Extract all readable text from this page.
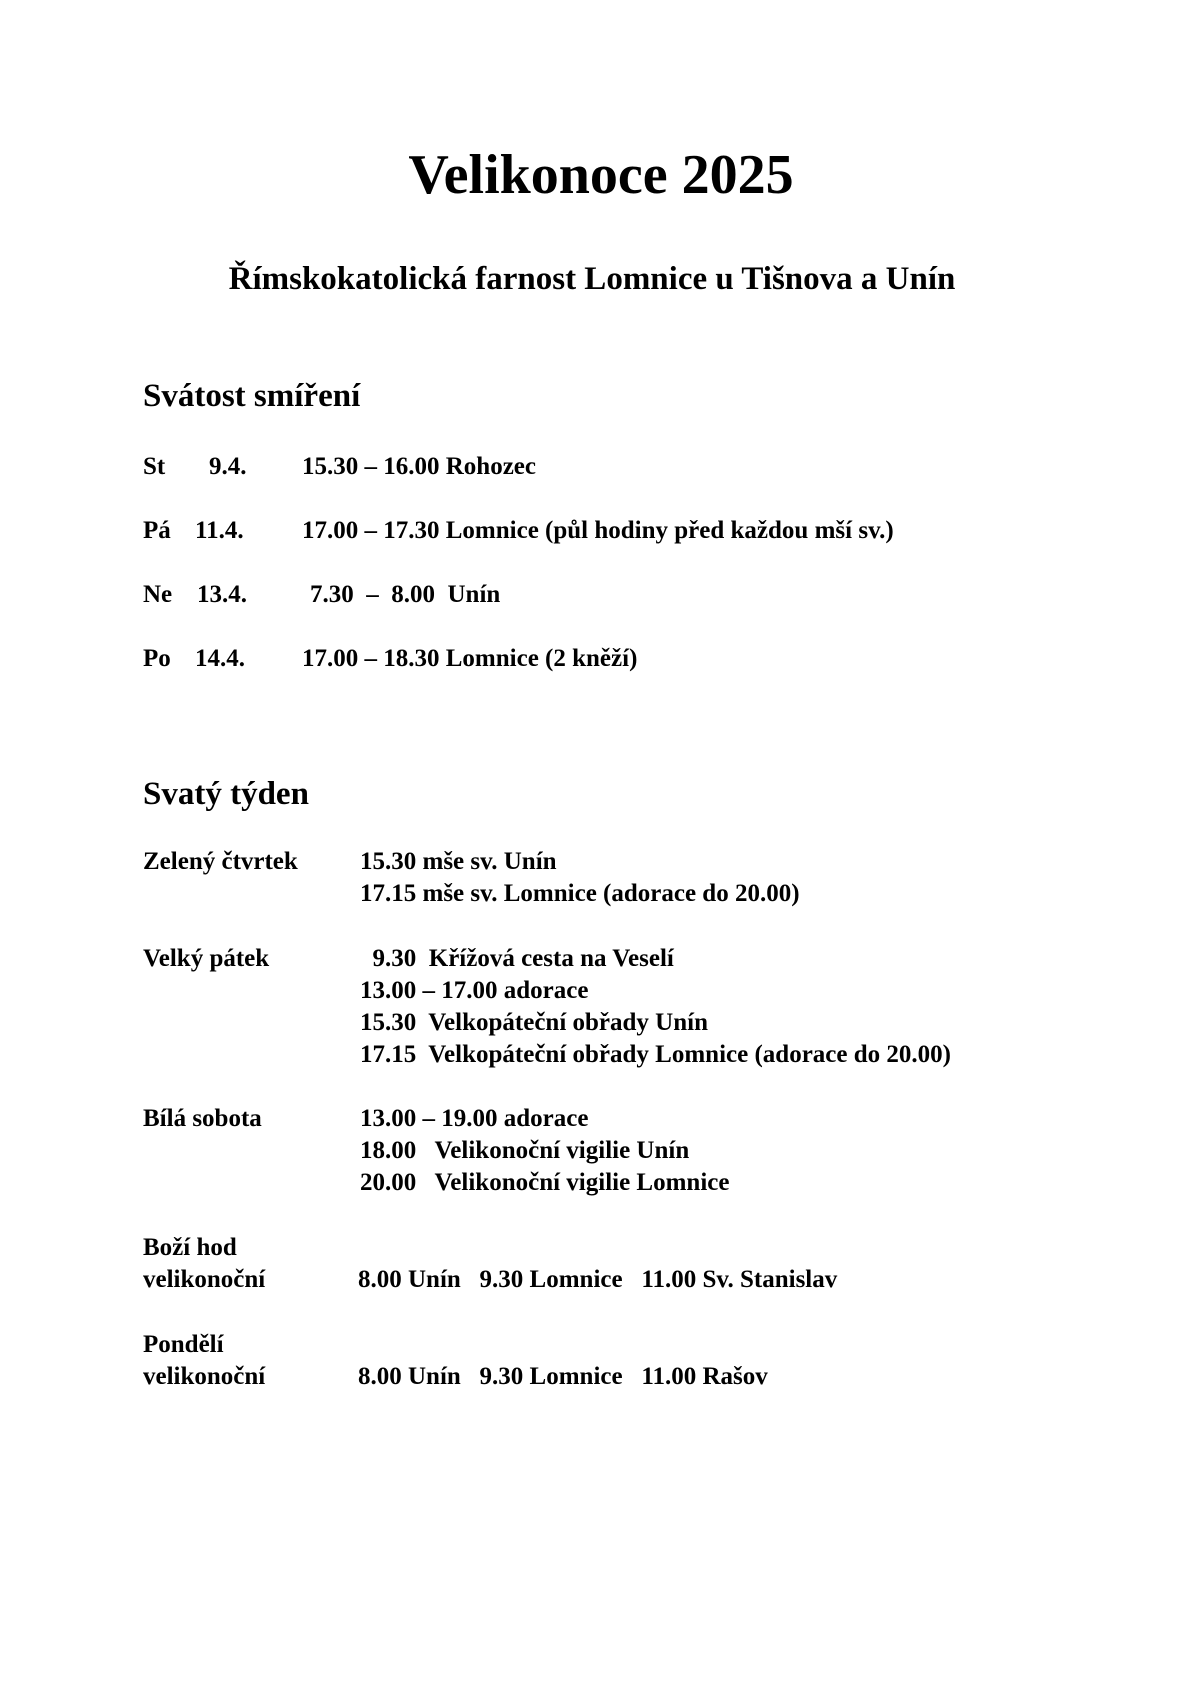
Velikonoce 2025
Římskokatolická farnost Lomnice u Tišnova a Unín
Svátost smíření
St 9.4. 15.30 – 16.00 Rohozec
Pá 11.4. 17.00 – 17.30 Lomnice (půl hodiny před každou mší sv.)
Ne 13.4.	7.30  –  8.00  Unín
Po 14.4. 17.00 – 18.30 Lomnice (2 kněží)
Svatý týden
Zelený čtvrtek 15.30 mše sv. Unín
17.15 mše sv. Lomnice (adorace do 20.00)
Velký pátek	9.30  Křížová cesta na Veselí
13.00 – 17.00 adorace
15.30  Velkopáteční obřady Unín
17.15  Velkopáteční obřady Lomnice (adorace do 20.00)
Bílá sobota	13.00 – 19.00 adorace
18.00   Velikonoční vigilie Unín
20.00   Velikonoční vigilie Lomnice
Boží hod
velikonoční	8.00 Unín   9.30 Lomnice   11.00 Sv. Stanislav
Pondělí
velikonoční	8.00 Unín   9.30 Lomnice   11.00 Rašov
